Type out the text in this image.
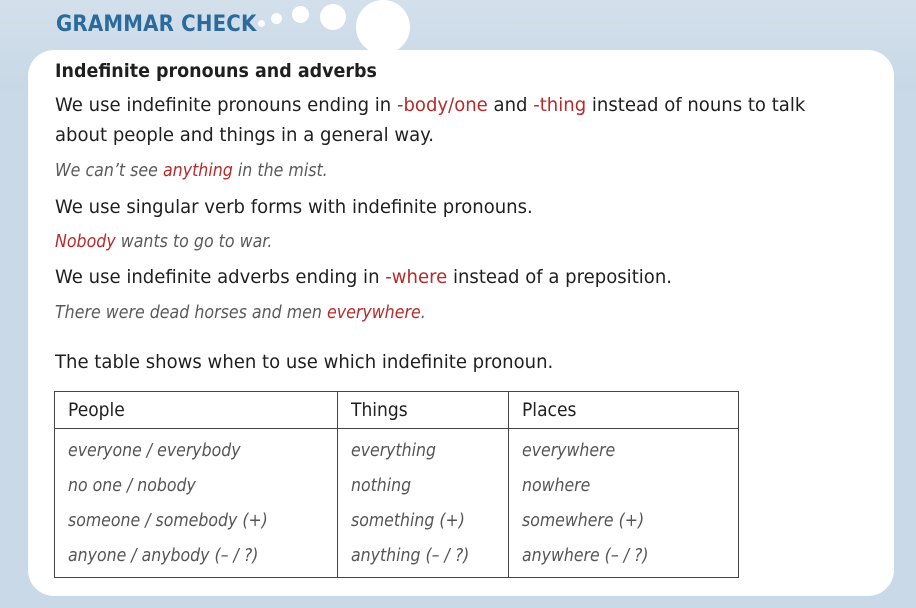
GRAMMAR CHECK
Indefinite pronouns and adverbs
We use indefinite pronouns ending in -body/one and -thing instead of nouns to talk
about people and things in a general way.
We can’t see anything in the mist.
We use singular verb forms with indefinite pronouns.
Nobody wants to go to war.
We use indefinite adverbs ending in -where instead of a preposition.
There were dead horses and men everywhere.
The table shows when to use which indefinite pronoun.
People	Things	Places
everyone / everybody	everything	everywhere
no one / nobody	nothing	nowhere
someone / somebody (+)	something (+)	somewhere (+)
anyone / anybody (– / ?)	anything (– / ?)	anywhere (– / ?)
